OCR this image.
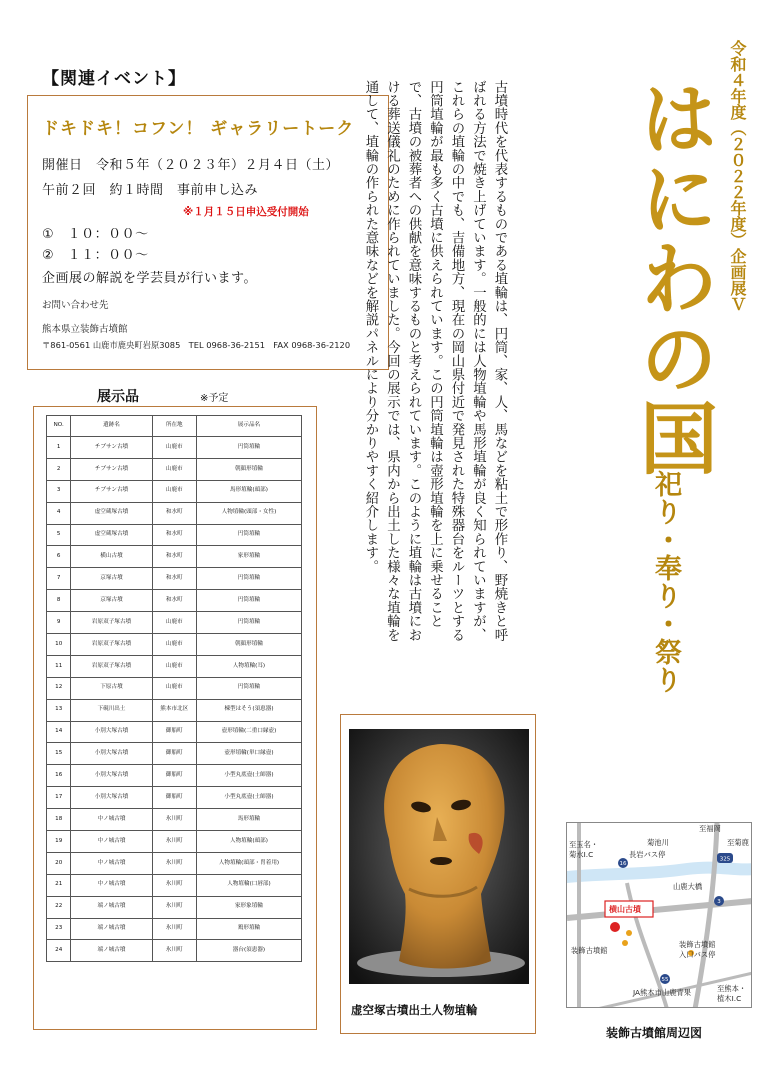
【関連イベント】
ドキドキ！コフン！ ギャラリートーク
開催日　令和５年（２０２３年）２月４日（土）
午前２回　約１時間　事前申し込み
※１月１５日申込受付開始
①　１０：００～
②　１１：００～
企画展の解説を学芸員が行います。
お問い合わせ先
熊本県立装飾古墳館
〒861-0561 山鹿市鹿央町岩原3085　TEL 0968-36-2151　FAX 0968-36-2120
展示品	※予定
NO.	遺跡名	所在地	展示品名
1	チブサン古墳	山鹿市	円筒埴輪
2	チブサン古墳	山鹿市	朝顔形埴輪
3	チブサン古墳	山鹿市	馬形埴輪(頭部)
4	虚空蔵塚古墳	和水町	人物埴輪(頭部・女性)
5	虚空蔵塚古墳	和水町	円筒埴輪
6	横山古墳	和水町	家形埴輪
7	京塚古墳	和水町	円筒埴輪
8	京塚古墳	和水町	円筒埴輪
9	岩原双子塚古墳	山鹿市	円筒埴輪
10	岩原双子塚古墳	山鹿市	朝顔形埴輪
11	岩原双子塚古墳	山鹿市	人物埴輪(耳)
12	下原古墳	山鹿市	円筒埴輪
13	下硯川出土	熊本市北区	棟型はそう(須恵器)
14	小別大塚古墳	御船町	壺形埴輪(二重口縁壺)
15	小別大塚古墳	御船町	壺形埴輪(単口縁壺)
16	小別大塚古墳	御船町	小型丸底壺(土師器)
17	小別大塚古墳	御船町	小型丸底壺(土師器)
18	中ノ城古墳	氷川町	馬形埴輪
19	中ノ城古墳	氷川町	人物埴輪(頭部)
20	中ノ城古墳	氷川町	人物埴輪(頭部・冑着用)
21	中ノ城古墳	氷川町	人物埴輪(口唇部)
22	端ノ城古墳	氷川町	家形象埴輪
23	端ノ城古墳	氷川町	鶏形埴輪
24	端ノ城古墳	氷川町	器台(須恵器)
古墳時代を代表するものである埴輪は、円筒、家、人、馬などを粘土で形作り、野焼きと呼ばれる方法で焼き上げています。一般的には人物埴輪や馬形埴輪が良く知られていますが、これらの埴輪の中でも、吉備地方、現在の岡山県付近で発見された特殊器台をルーツとする円筒埴輪が最も多く古墳に供えられています。この円筒埴輪は壺形埴輪を上に乗せることで、古墳の被葬者への供献を意味するものと考えられています。このように埴輪は古墳における葬送儀礼のために作られていました。今回の展示では、県内から出土した様々な埴輪を通して、埴輪の作られた意味などを解説パネルにより分かりやすく紹介します。	令和４年度（２０２２年度）企画展Ｖ
はにわの国
祀り・奉り・祭り
虚空塚古墳出土人物埴輪
至福岡
菊池川
至玉名・
菊水I.C	長岩バス停
至菊鹿
山鹿大橋
横山古墳
装飾古墳館
装飾古墳館
入口バス停
JA熊本市山鹿青果	至熊本・
植木I.C
16
325
3
55
装飾古墳館周辺図
